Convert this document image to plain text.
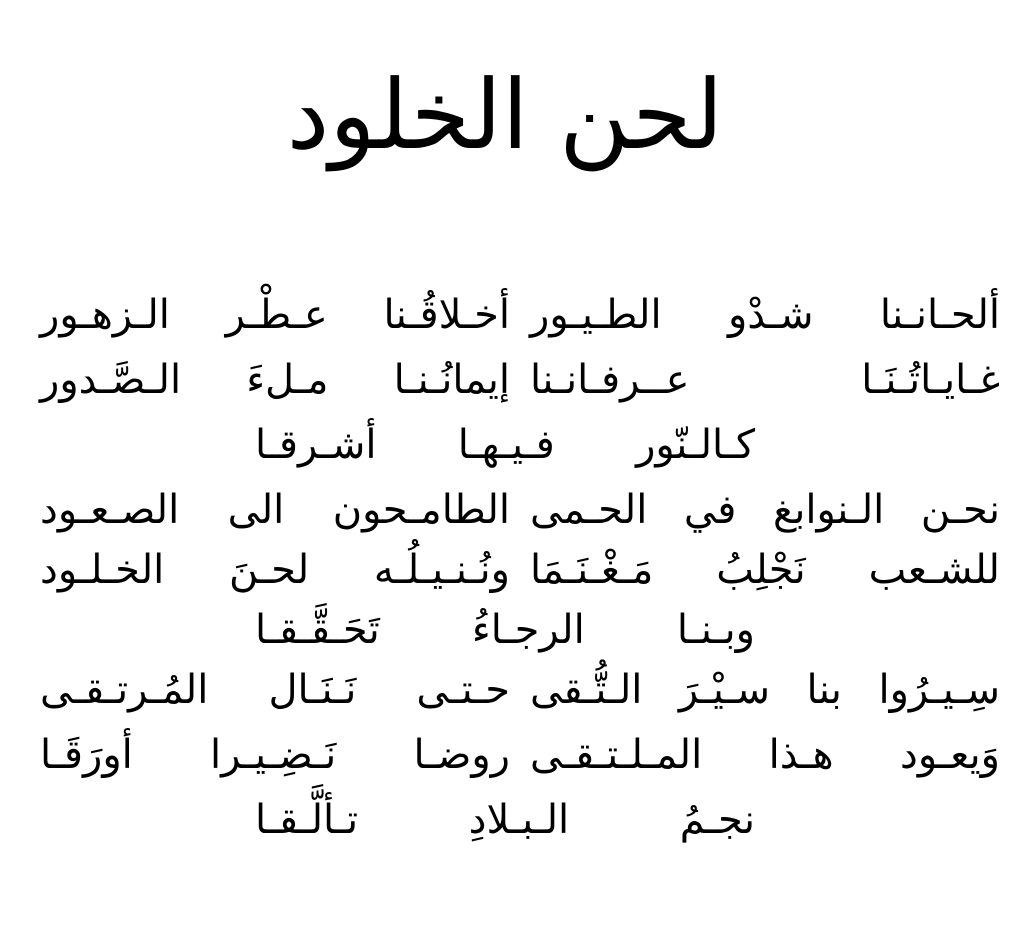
لحن الخلود
ألحـانـنا شـدْو الطـيـور
أخـلاقُـنا عـطْـر الـزهـور
غـايـاتُـنَـا عــرفـانـنا
إيمانُـنـا مـلءَ الـصَّـدور
كـالـنّور فـيـهـا أشـرقـا
نحـن الـنوابغ في الحـمى
الطامـحون الى الصـعـود
للشـعب نَجْلِبُ مَـغْـنَـمَا
ونُـنـيـلُـه لحـنَ الخـلـود
وبـنـا الرجـاءُ تَحَـقَّـقـا
سِـيـرُوا بنا سـيْـرَ الـتُّـقى
حـتـى نَـنَـال المُـرتـقـى
وَيعـود هـذا المـلـتـقـى
روضـا نَـضِـيـرا أورَقَـا
نجـمُ الـبـلادِ تـألَّـقـا
